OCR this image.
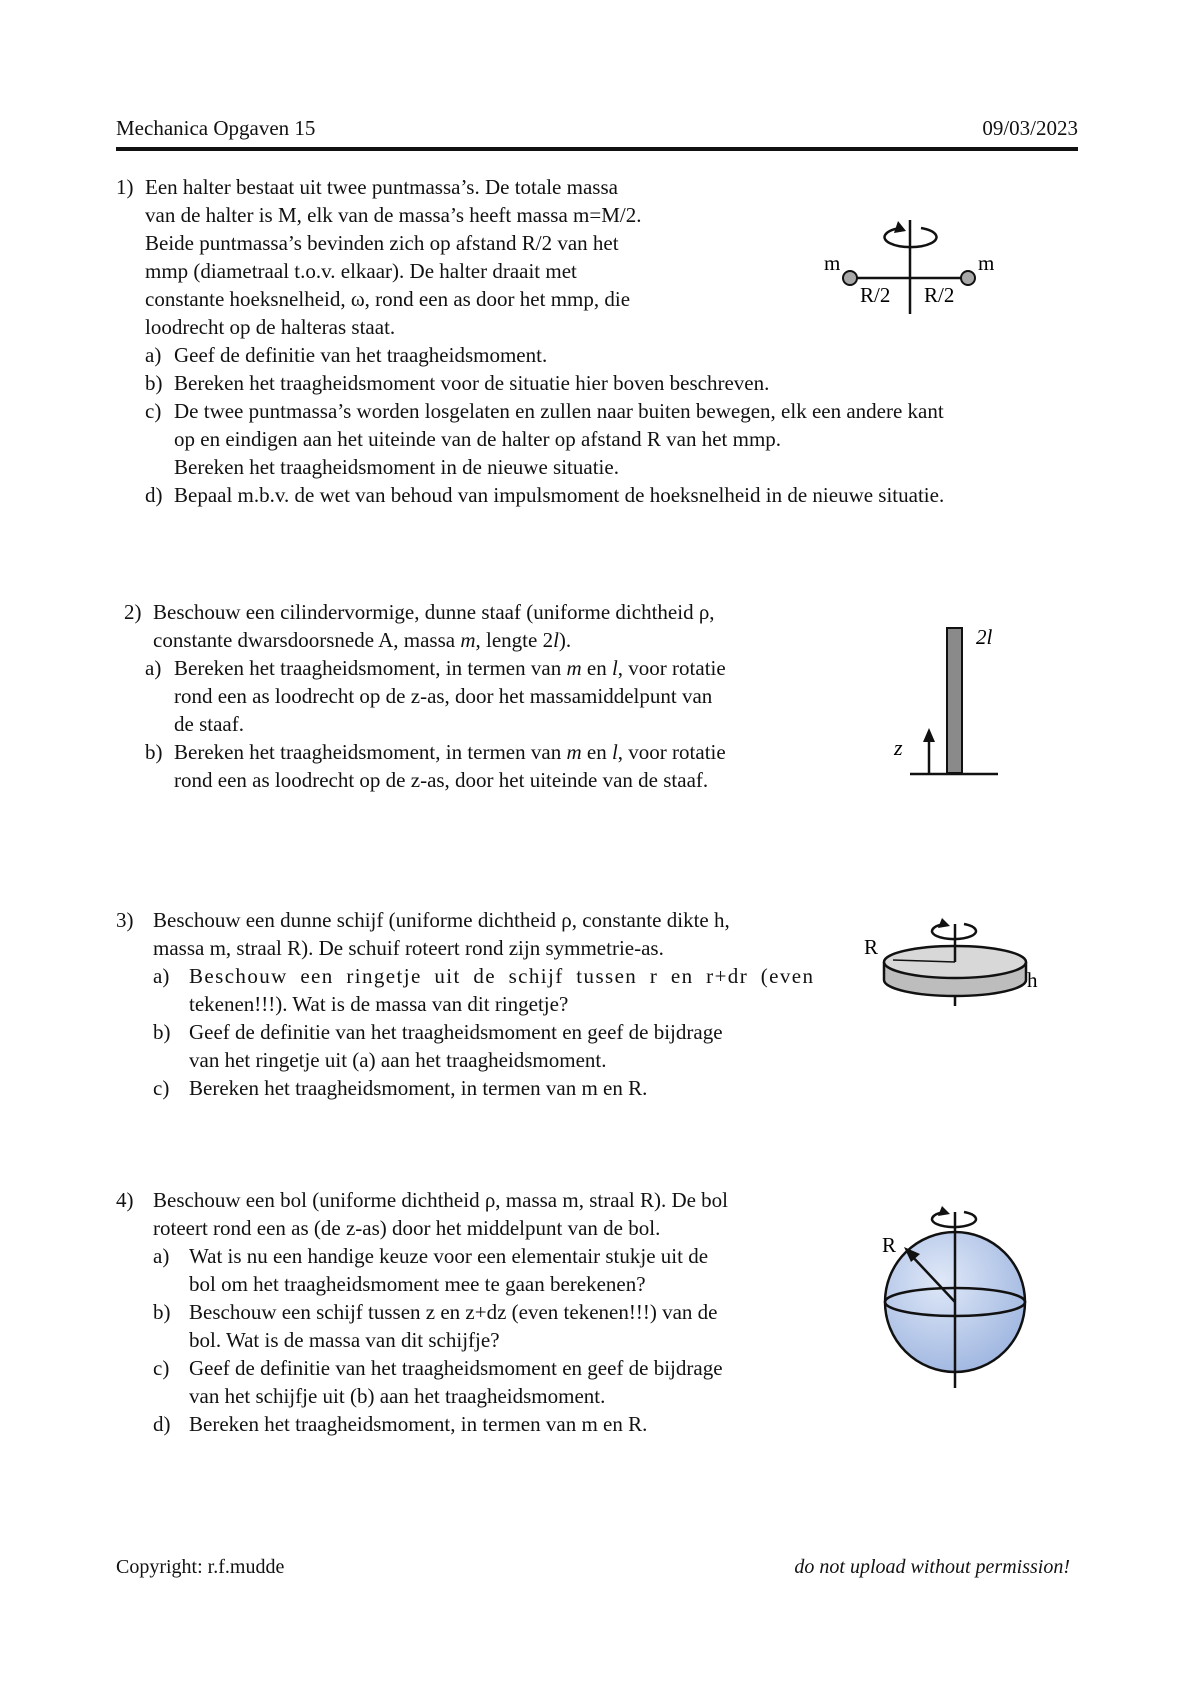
Mechanica Opgaven 15	09/03/2023
1) Een halter bestaat uit twee puntmassa’s. De totale massa
van de halter is M, elk van de massa’s heeft massa m=M/2.
Beide puntmassa’s bevinden zich op afstand R/2 van het
mmp (diametraal t.o.v. elkaar). De halter draait met
constante hoeksnelheid, ω, rond een as door het mmp, die
loodrecht op de halteras staat.
a) Geef de definitie van het traagheidsmoment.
b) Bereken het traagheidsmoment voor de situatie hier boven beschreven.
c) De twee puntmassa’s worden losgelaten en zullen naar buiten bewegen, elk een andere kant
op en eindigen aan het uiteinde van de halter op afstand R van het mmp.
Bereken het traagheidsmoment in de nieuwe situatie.
d) Bepaal m.b.v. de wet van behoud van impulsmoment de hoeksnelheid in de nieuwe situatie.
m	m
R/2 R/2
2) Beschouw een cilindervormige, dunne staaf (uniforme dichtheid ρ,
constante dwarsdoorsnede A, massa m, lengte 2l).
a) Bereken het traagheidsmoment, in termen van m en l, voor rotatie
rond een as loodrecht op de z-as, door het massamiddelpunt van
de staaf.
b) Bereken het traagheidsmoment, in termen van m en l, voor rotatie
rond een as loodrecht op de z-as, door het uiteinde van de staaf.
z
2l
3) Beschouw een dunne schijf (uniforme dichtheid ρ, constante dikte h,
massa m, straal R). De schuif roteert rond zijn symmetrie-as.
a) Beschouw een ringetje uit de schijf tussen r en r+dr (even
tekenen!!!). Wat is de massa van dit ringetje?
b) Geef de definitie van het traagheidsmoment en geef de bijdrage
van het ringetje uit (a) aan het traagheidsmoment.
c) Bereken het traagheidsmoment, in termen van m en R.
R
h
4) Beschouw een bol (uniforme dichtheid ρ, massa m, straal R). De bol
roteert rond een as (de z-as) door het middelpunt van de bol.
a) Wat is nu een handige keuze voor een elementair stukje uit de
bol om het traagheidsmoment mee te gaan berekenen?
b) Beschouw een schijf tussen z en z+dz (even tekenen!!!) van de
bol. Wat is de massa van dit schijfje?
c) Geef de definitie van het traagheidsmoment en geef de bijdrage
van het schijfje uit (b) aan het traagheidsmoment.
d) Bereken het traagheidsmoment, in termen van m en R.
R
Copyright: r.f.mudde	do not upload without permission!
